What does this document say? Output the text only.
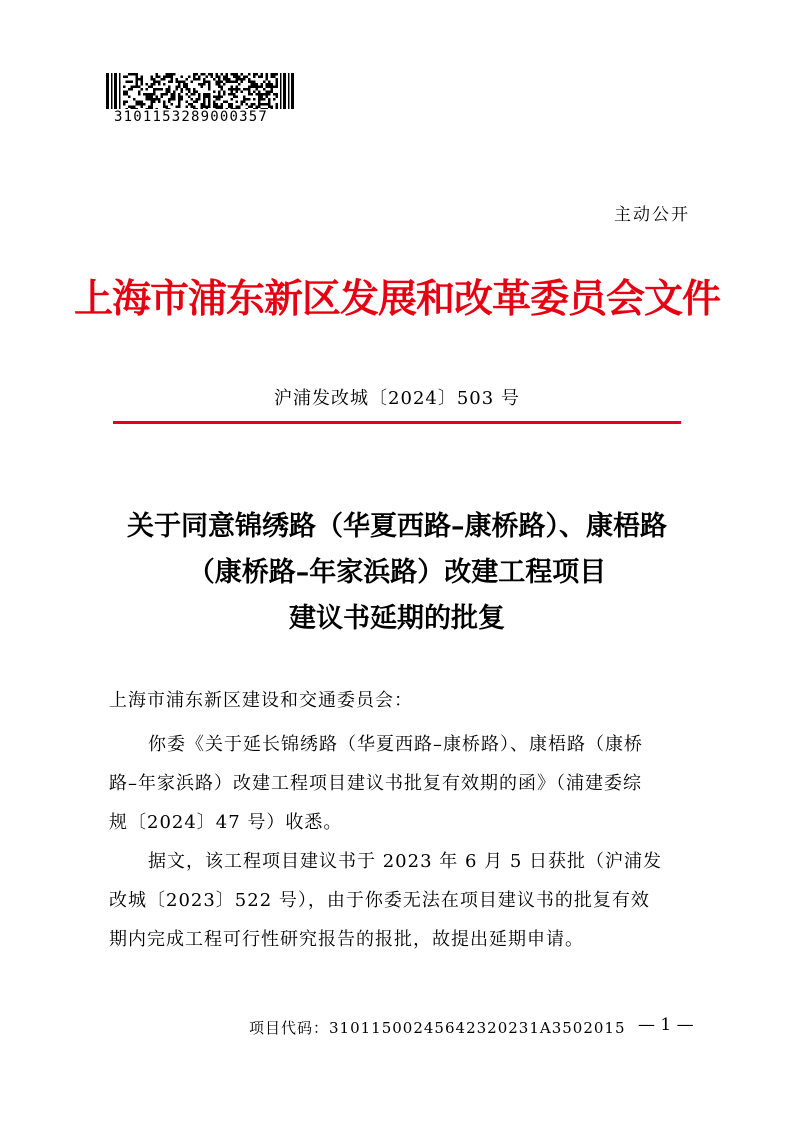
3101153289000357
主动公开
上海市浦东新区发展和改革委员会文件
沪浦发改城〔2024〕503 号
关于同意锦绣路（华夏西路–康桥路）、康梧路
（康桥路–年家浜路）改建工程项目
建议书延期的批复
上海市浦东新区建设和交通委员会：
你委《关于延长锦绣路（华夏西路–康桥路）、康梧路（康桥
路–年家浜路）改建工程项目建议书批复有效期的函》（浦建委综
规〔2024〕47 号）收悉。
据文，该工程项目建议书于 2023 年 6 月 5 日获批（沪浦发
改城〔2023〕522 号），由于你委无法在项目建议书的批复有效
期内完成工程可行性研究报告的报批，故提出延期申请。
项目代码：31011500245642320231A3502015 — 1 —
